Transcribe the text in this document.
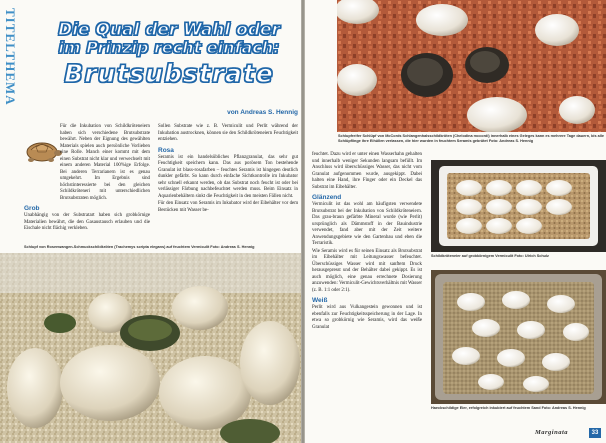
TITELTHEMA	Die Qual der Wahl oder
im Prinzip recht einfach:
Brutsubstrate
von Andreas S. Hennig

Für die Inkubation von Schildkröteneiern haben sich verschiedene Brutsubstrate bewährt. Neben der Eignung des gewählten Materials spielen auch persönliche Vorlieben eine Rolle. Manch einer kommt mit dem einen Substrat nicht klar und verwechselt mit einem anderen Material 100%ige Erfolge. Bei anderen Terrarianern ist es genau umgekehrt. Im Ergebnis sind höchstinteressierte bei den gleichen Schildkröteneri mit unterschiedlichen Brutsubstraten möglich.

Grob

Unabhängig von der Substratart haben sich grobkörnige Materialien bewährt, die den Gasaustausch erlauben und die Eischale nicht flächig verkleben.

Sollen Substrate wie z. B. Vermiculit und Perlit während der Inkubation austrocknen, können sie den Schildkröteneiern Feuchtigkeit entziehen.

Rosa

Seramis ist ein handelsübliches Pflanzgranulat, das sehr gut Feuchtigkeit speichern kann. Das aus porösem Ton bestehende Granulat ist blass-rosafarben – feuchtes Seramis ist hingegen deutlich dunkler gefärbt. So kann durch einfache Sichtkontrolle im Inkubator sehr schnell erkannt werden, ob das Substrat noch feucht ist oder bei verlässiger Färbung nachbefeuchtet werden muss. Beim Einsatz in Aquarienbehältern sinkt die Feuchtigkeit in den meisten Fällen nicht.

Für den Einsatz von Seramis im Inkubator wird der Eibehälter vor dem Bestücken mit Wasser be-

Schlupf von Rosenwangen-Schmuckschildkröten (Trachemys scripta elegans) auf feuchtem Vermiculit Foto: Andreas S. Hennig
Schlupfreifer Schlüpf von McCords Schlangenhalsschildkröten (Chelodina mccordi) innerhalb eines Geleges kann es mehrere Tage dauern, bis alle Schlüpflinge ihre Eihüllen verlassen, die hier wurden in feuchtem Seramis gebrütet Foto: Andreas S. Hennig

feuchtet. Dazu wird er unter einen Wasserhahn gehalten und innerhalb weniger Sekunden langsam befüllt. Im Anschluss wird überschüssiges Wasser, das nicht vom Granulat aufgenommen wurde, ausgekippt. Dabei halten eine Hand, ihre Finger oder ein Deckel das Substrat im Eibehälter.

Glänzend

Vermiculit ist das wohl am häufigsten verwendete Brutsubstrat bei der Inkubation von Schildkröteneiern. Das grau-braun gefärbte Mineral wurde (wie Perlit) ursprünglich als Dämmstoff in der Bauindustrie verwendet, fand aber mit der Zeit weitere Anwendungsgebiete wie den Gartenbau und eben die Terraristik.

Wie Seramis wird es für seinen Einsatz als Brutsubstrat im Eibehälter mit Leitungswasser befeuchtet. Überschüssiges Wasser wird mit sanftem Druck herausgepresst und der Behälter dabei gekippt. Es ist auch möglich, eine genau errechnete Dosierung anzuwenden: Vermiculit-Gewichtsverhältnis mit Wasser (z. B. 1:1 oder 2:1).

Weiß

Perlit wird aus Vulkangestein gewonnen und ist ebenfalls zur Feuchtigkeitsspeicherung in der Lage. In etwa so grobkörnig wie Seramis, wird das weiße Granulat

Schildkröteneier auf grobkörnigem Vermiculit Foto: Ulrich Schulz
Haeckschildige Eier, erfolgreich inkubiert auf feuchtem Sand Foto: Andreas S. Hennig
Marginata	33
